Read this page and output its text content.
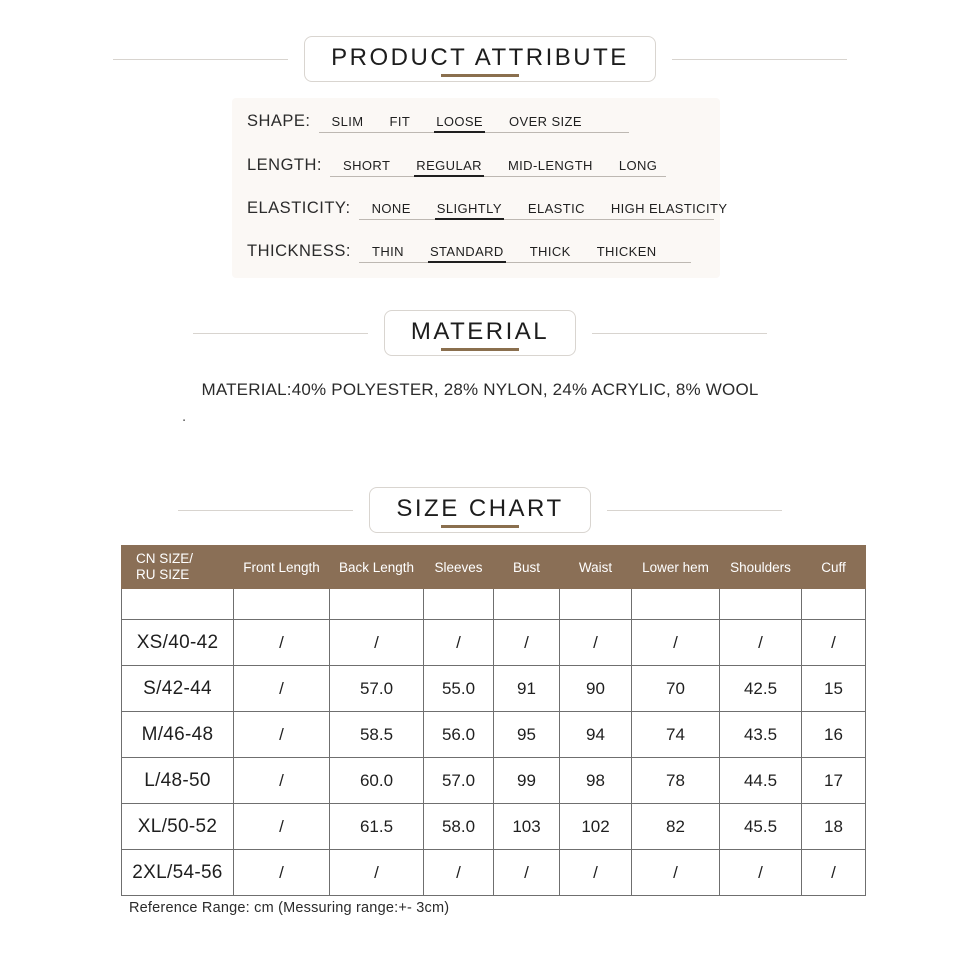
PRODUCT ATTRIBUTE
SHAPE:	SLIM	FIT	LOOSE	OVER SIZE
LENGTH:	SHORT	REGULAR	MID-LENGTH	LONG
ELASTICITY:	NONE	SLIGHTLY	ELASTIC	HIGH ELASTICITY
THICKNESS:	THIN	STANDARD	THICK	THICKEN
MATERIAL
MATERIAL:40% POLYESTER, 28% NYLON, 24% ACRYLIC, 8% WOOL
.
SIZE CHART
CN SIZE/
RU SIZE	Front Length	Back Length	Sleeves	Bust	Waist	Lower hem	Shoulders	Cuff

XS/40-42	/	/	/	/	/	/	/	/
S/42-44	/	57.0	55.0	91	90	70	42.5	15
M/46-48	/	58.5	56.0	95	94	74	43.5	16
L/48-50	/	60.0	57.0	99	98	78	44.5	17
XL/50-52	/	61.5	58.0	103	102	82	45.5	18
2XL/54-56	/	/	/	/	/	/	/	/
Reference Range: cm (Messuring range:+- 3cm)
